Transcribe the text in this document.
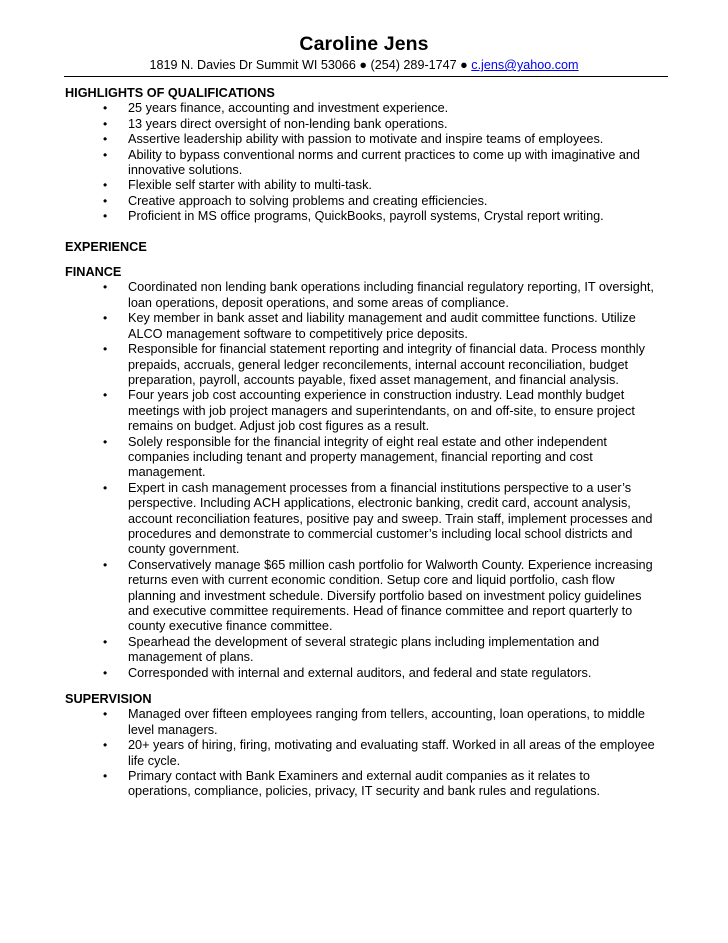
Caroline Jens
1819 N. Davies Dr Summit WI 53066 ● (254) 289-1747 ● c.jens@yahoo.com
HIGHLIGHTS OF QUALIFICATIONS
• 25 years finance, accounting and investment experience.
• 13 years direct oversight of non-lending bank operations.
• Assertive leadership ability with passion to motivate and inspire teams of employees.
• Ability to bypass conventional norms and current practices to come up with imaginative and innovative solutions.
• Flexible self starter with ability to multi-task.
• Creative approach to solving problems and creating efficiencies.
• Proficient in MS office programs, QuickBooks, payroll systems, Crystal report writing.
EXPERIENCE
FINANCE
• Coordinated non lending bank operations including financial regulatory reporting, IT oversight, loan operations, deposit operations, and some areas of compliance.
• Key member in bank asset and liability management and audit committee functions. Utilize ALCO management software to competitively price deposits.
• Responsible for financial statement reporting and integrity of financial data. Process monthly prepaids, accruals, general ledger reconcilements, internal account reconciliation, budget preparation, payroll, accounts payable, fixed asset management, and financial analysis.
• Four years job cost accounting experience in construction industry. Lead monthly budget meetings with job project managers and superintendants, on and off-site, to ensure project remains on budget. Adjust job cost figures as a result.
• Solely responsible for the financial integrity of eight real estate and other independent companies including tenant and property management, financial reporting and cost management.
• Expert in cash management processes from a financial institutions perspective to a user’s perspective. Including ACH applications, electronic banking, credit card, account analysis, account reconciliation features, positive pay and sweep. Train staff, implement processes and procedures and demonstrate to commercial customer’s including local school districts and county government.
• Conservatively manage $65 million cash portfolio for Walworth County. Experience increasing returns even with current economic condition. Setup core and liquid portfolio, cash flow planning and investment schedule. Diversify portfolio based on investment policy guidelines and executive committee requirements. Head of finance committee and report quarterly to county executive finance committee.
• Spearhead the development of several strategic plans including implementation and management of plans.
• Corresponded with internal and external auditors, and federal and state regulators.
SUPERVISION
• Managed over fifteen employees ranging from tellers, accounting, loan operations, to middle level managers.
• 20+ years of hiring, firing, motivating and evaluating staff. Worked in all areas of the employee life cycle.
• Primary contact with Bank Examiners and external audit companies as it relates to operations, compliance, policies, privacy, IT security and bank rules and regulations.
